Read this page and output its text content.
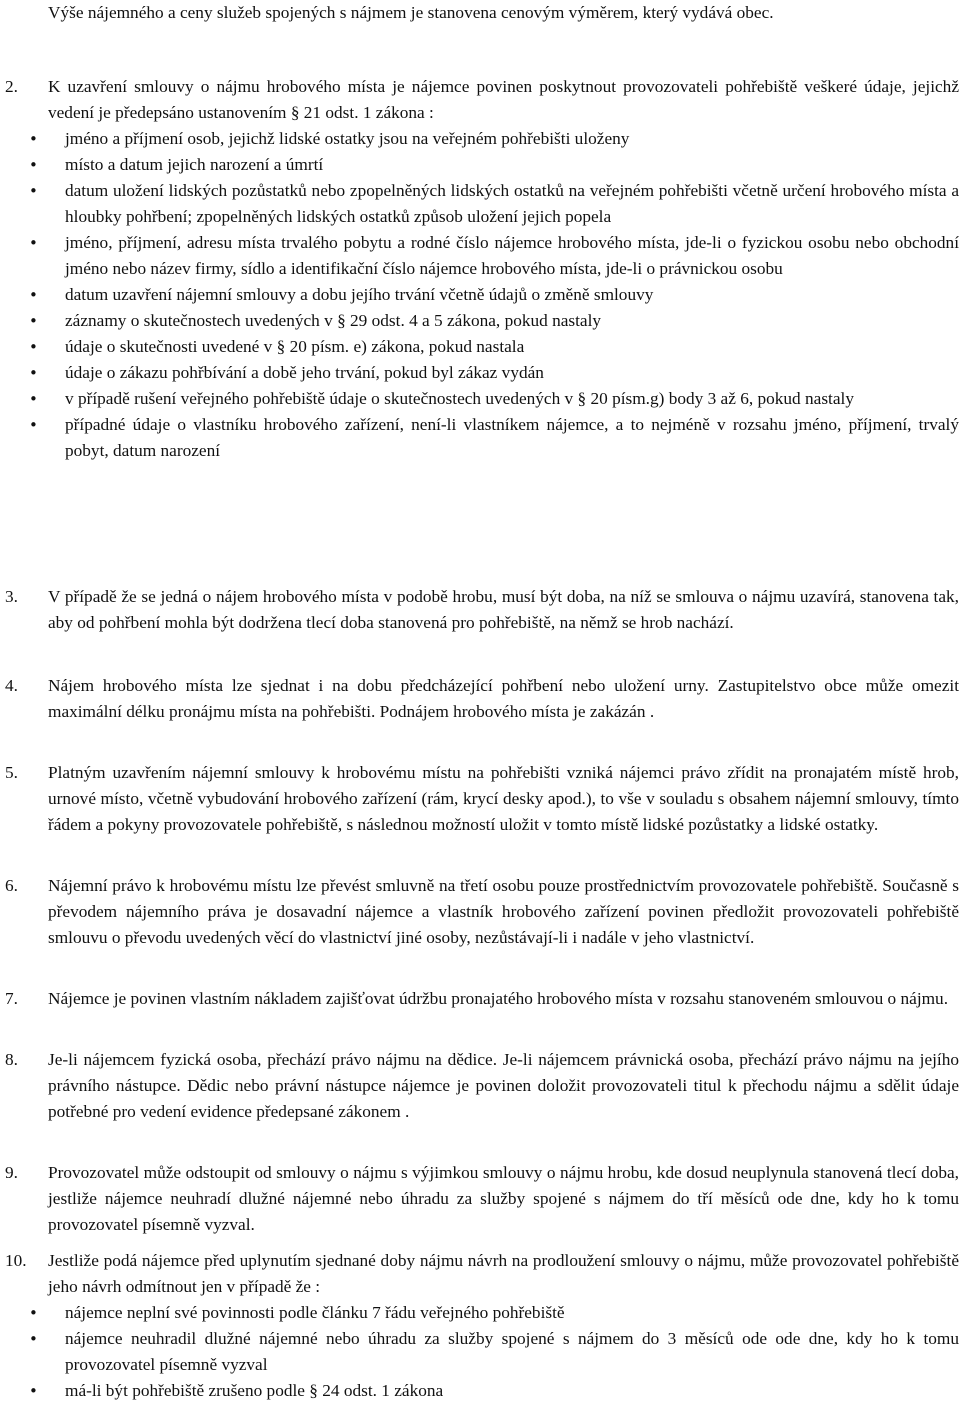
Výše nájemného a ceny služeb spojených s nájmem je stanovena cenovým výměrem, který vydává obec.
2.	K uzavření smlouvy o nájmu hrobového místa je nájemce povinen poskytnout provozovateli pohřebiště veškeré údaje, jejichž vedení je předepsáno ustanovením § 21 odst. 1 zákona :
• jméno a příjmení osob, jejichž lidské ostatky jsou na veřejném pohřebišti uloženy
• místo a datum jejich narození a úmrtí
• datum uložení lidských pozůstatků nebo zpopelněných lidských ostatků na veřejném pohřebišti včetně určení hrobového místa a hloubky pohřbení; zpopelněných lidských ostatků způsob uložení jejich popela
• jméno, příjmení, adresu místa trvalého pobytu a rodné číslo nájemce hrobového místa, jde-li o fyzickou osobu nebo obchodní jméno nebo název firmy, sídlo a identifikační číslo nájemce hrobového místa, jde-li o právnickou osobu
• datum uzavření nájemní smlouvy a dobu jejího trvání včetně údajů o změně smlouvy
• záznamy o skutečnostech uvedených v § 29 odst. 4 a 5 zákona, pokud nastaly
• údaje o skutečnosti uvedené v § 20 písm. e) zákona, pokud nastala
• údaje o zákazu pohřbívání a době jeho trvání, pokud byl zákaz vydán
• v případě rušení veřejného pohřebiště údaje o skutečnostech uvedených v § 20 písm.g) body 3 až 6, pokud nastaly
• případné údaje o vlastníku hrobového zařízení, není-li vlastníkem nájemce, a to nejméně v rozsahu jméno, příjmení, trvalý pobyt, datum narození
3.	V případě že se jedná o nájem hrobového místa v podobě hrobu, musí být doba, na níž se smlouva o nájmu uzavírá, stanovena tak, aby od pohřbení mohla být dodržena tlecí doba stanovená pro pohřebiště, na němž se hrob nachází.
4.	Nájem hrobového místa lze sjednat i na dobu předcházející pohřbení nebo uložení urny. Zastupitelstvo obce může omezit maximální délku pronájmu místa na pohřebišti. Podnájem hrobového místa je zakázán .
5.	Platným uzavřením nájemní smlouvy k hrobovému místu na pohřebišti vzniká nájemci právo zřídit na pronajatém místě hrob, urnové místo, včetně vybudování hrobového zařízení (rám, krycí desky apod.), to vše v souladu s obsahem nájemní smlouvy, tímto řádem a pokyny provozovatele pohřebiště, s následnou možností uložit v tomto místě lidské pozůstatky a lidské ostatky.
6.	Nájemní právo k hrobovému místu lze převést smluvně na třetí osobu pouze prostřednictvím provozovatele pohřebiště. Současně s převodem nájemního práva je dosavadní nájemce a vlastník hrobového zařízení povinen předložit provozovateli pohřebiště smlouvu o převodu uvedených věcí do vlastnictví jiné osoby, nezůstávají-li i nadále v jeho vlastnictví.
7.	Nájemce je povinen vlastním nákladem zajišťovat údržbu pronajatého hrobového místa v rozsahu stanoveném smlouvou o nájmu.
8.	Je-li nájemcem fyzická osoba, přechází právo nájmu na dědice. Je-li nájemcem právnická osoba, přechází právo nájmu na jejího právního nástupce. Dědic nebo právní nástupce nájemce je povinen doložit provozovateli titul k přechodu nájmu a sdělit údaje potřebné pro vedení evidence předepsané zákonem .
9.	Provozovatel může odstoupit od smlouvy o nájmu s výjimkou smlouvy o nájmu hrobu, kde dosud neuplynula stanovená tlecí doba, jestliže nájemce neuhradí dlužné nájemné nebo úhradu za služby spojené s nájmem do tří měsíců ode dne, kdy ho k tomu provozovatel písemně vyzval.
10.	Jestliže podá nájemce před uplynutím sjednané doby nájmu návrh na prodloužení smlouvy o nájmu, může provozovatel pohřebiště jeho návrh odmítnout jen v případě že :
• nájemce neplní své povinnosti podle článku 7 řádu veřejného pohřebiště
• nájemce neuhradil dlužné nájemné nebo úhradu za služby spojené s nájmem do 3 měsíců ode ode dne, kdy ho k tomu provozovatel písemně vyzval
• má-li být pohřebiště zrušeno podle § 24 odst. 1 zákona
